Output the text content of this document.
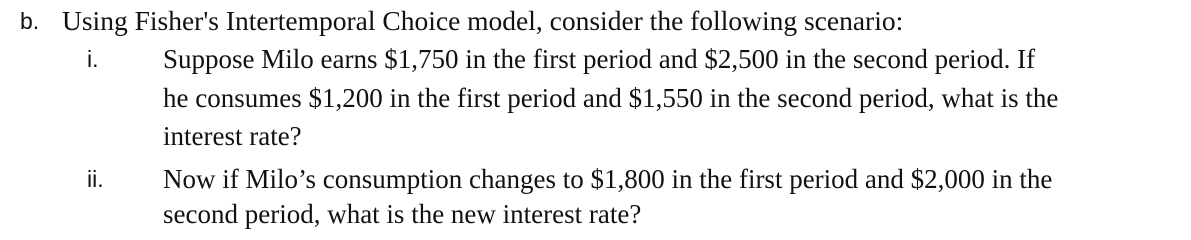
b. Using Fisher's Intertemporal Choice model, consider the following scenario:
i. Suppose Milo earns $1,750 in the first period and $2,500 in the second period. If
he consumes $1,200 in the first period and $1,550 in the second period, what is the
interest rate?
ii. Now if Milo’s consumption changes to $1,800 in the first period and $2,000 in the
second period, what is the new interest rate?
